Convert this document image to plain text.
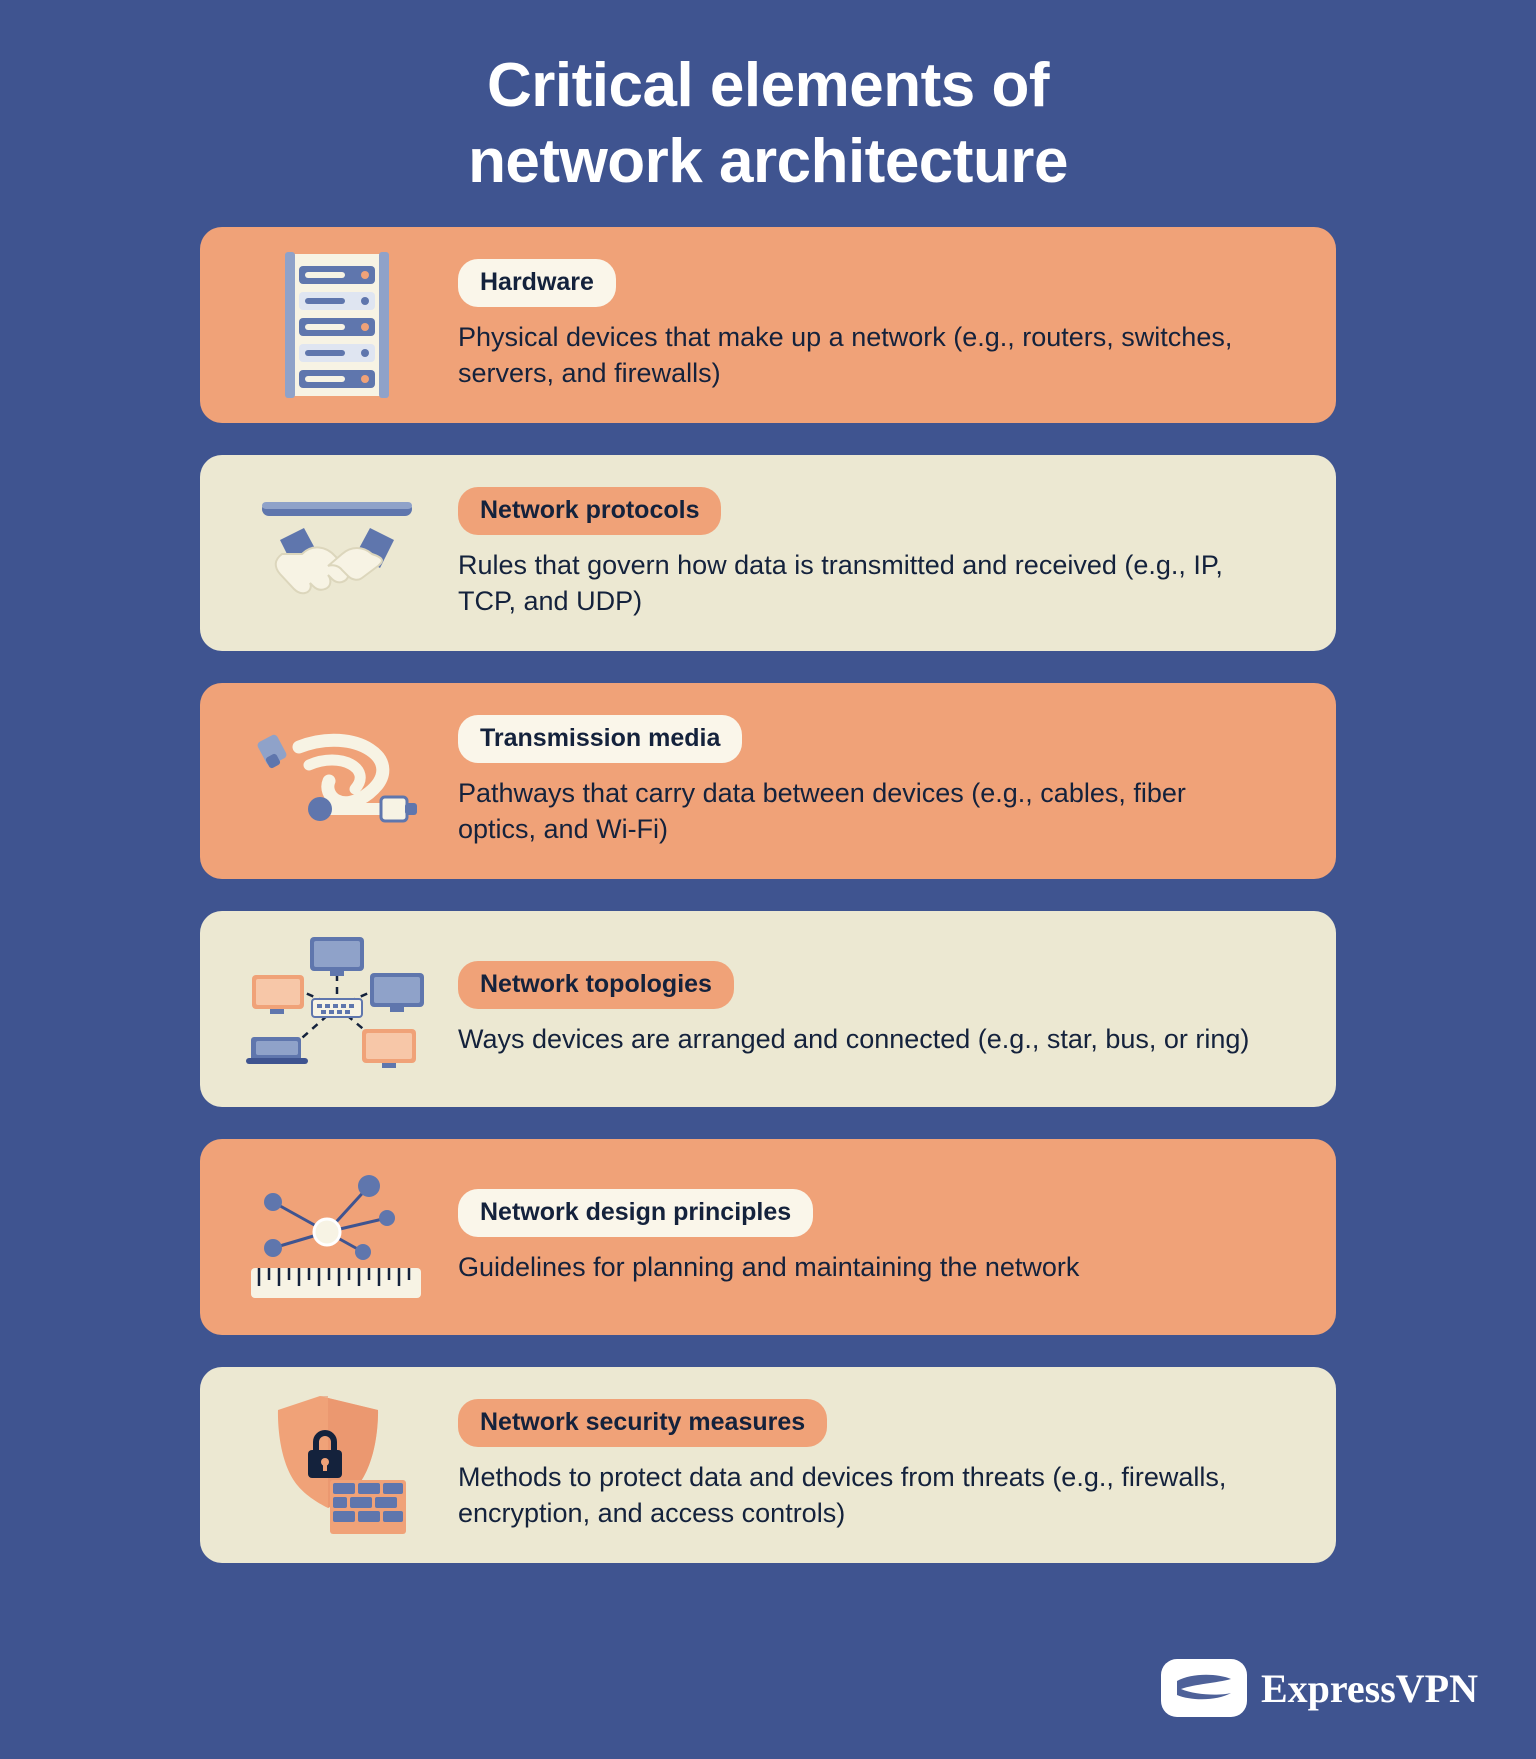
Critical elements of
network architecture
Hardware
Physical devices that make up a network (e.g., routers, switches, servers, and firewalls)
Network protocols
Rules that govern how data is transmitted and received (e.g., IP, TCP, and UDP)
Transmission media
Pathways that carry data between devices (e.g., cables, fiber optics, and Wi-Fi)
Network topologies
Ways devices are arranged and connected (e.g., star, bus, or ring)
Network design principles
Guidelines for planning and maintaining the network
Network security measures
Methods to protect data and devices from threats (e.g., firewalls, encryption, and access controls)
ExpressVPN
